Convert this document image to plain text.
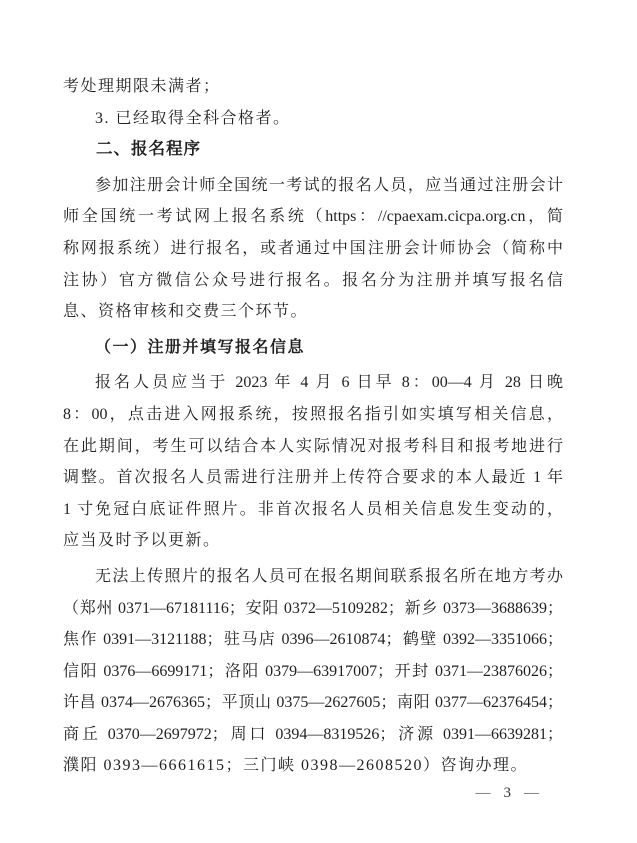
考处理期限未满者；
3. 已经取得全科合格者。
二、报名程序
参加注册会计师全国统一考试的报名人员，应当通过注册会计
师全国统一考试网上报名系统（https：//cpaexam.cicpa.org.cn，简
称网报系统）进行报名，或者通过中国注册会计师协会（简称中
注协）官方微信公众号进行报名。报名分为注册并填写报名信
息、资格审核和交费三个环节。
（一）注册并填写报名信息
报名人员应当于 2023 年 4 月 6 日早 8：00—4 月 28 日晚
8：00，点击进入网报系统，按照报名指引如实填写相关信息，
在此期间，考生可以结合本人实际情况对报考科目和报考地进行
调整。首次报名人员需进行注册并上传符合要求的本人最近 1 年
1 寸免冠白底证件照片。非首次报名人员相关信息发生变动的，
应当及时予以更新。
无法上传照片的报名人员可在报名期间联系报名所在地方考办
（郑州 0371—67181116；安阳 0372—5109282；新乡 0373—3688639；
焦作 0391—3121188；驻马店 0396—2610874；鹤壁 0392—3351066；
信阳 0376—6699171；洛阳 0379—63917007；开封 0371—23876026；
许昌 0374—2676365；平顶山 0375—2627605；南阳 0377—62376454；
商丘 0370—2697972；周口 0394—8319526；济源 0391—6639281；
濮阳 0393—6661615；三门峡 0398—2608520）咨询办理。
— 3 —
